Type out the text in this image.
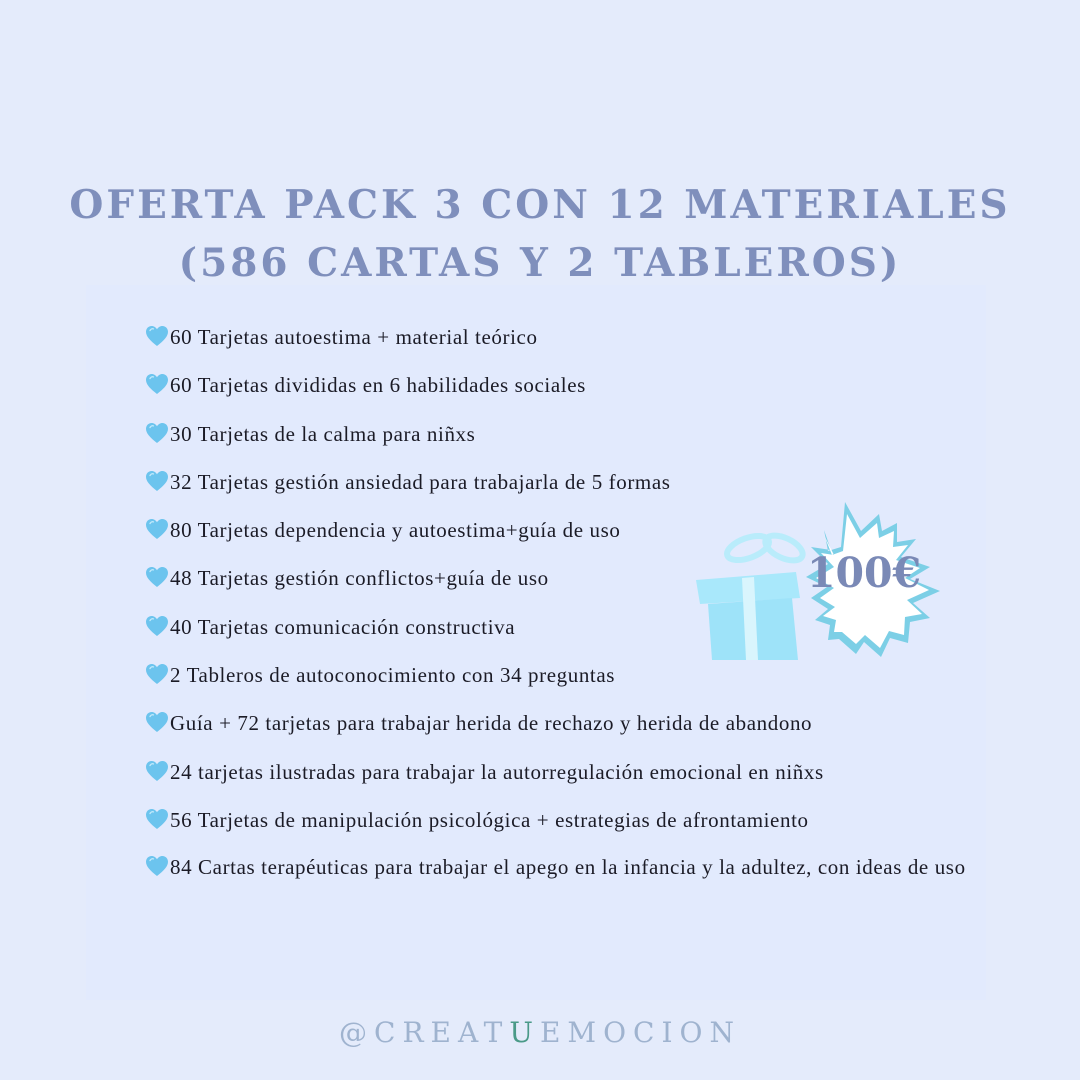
OFERTA PACK 3 CON 12 MATERIALES
(586 CARTAS Y 2 TABLEROS)
60 Tarjetas autoestima + material teórico
60 Tarjetas divididas en 6 habilidades sociales
30 Tarjetas de la calma para niñxs
32 Tarjetas gestión ansiedad para trabajarla de 5 formas
80 Tarjetas dependencia y autoestima+guía de uso
48 Tarjetas gestión conflictos+guía de uso
40 Tarjetas comunicación constructiva
2 Tableros de autoconocimiento con 34 preguntas
Guía + 72 tarjetas para trabajar herida de rechazo y herida de abandono
24 tarjetas ilustradas para trabajar la autorregulación emocional en niñxs
56 Tarjetas de manipulación psicológica + estrategias de afrontamiento
84 Cartas terapéuticas para trabajar el apego en la infancia y la adultez, con ideas de uso
100€

@CREATUEMOCION
